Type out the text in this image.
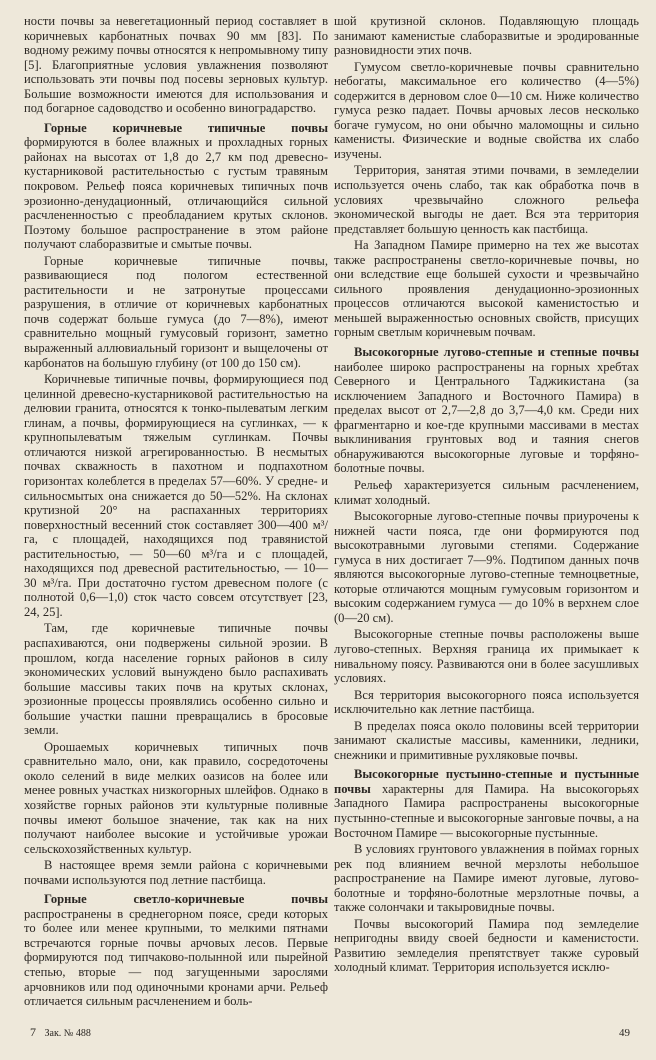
ности почвы за невегетационный период составляет в коричневых карбонатных почвах 90 мм [83]. По водному режиму почвы относятся к непромывному типу [5]. Благоприятные условия увлажнения позволяют использовать эти почвы под посевы зерновых культур. Большие возможности имеются для использования и под богарное садоводство и особенно виноградарство.

Горные коричневые типичные почвы формируются в более влажных и прохладных горных районах на высотах от 1,8 до 2,7 км под древесно-кустарниковой растительностью с густым травяным покровом. Рельеф пояса коричневых типичных почв эрозионно-денудационный, отличающийся сильной расчлененностью с преобладанием крутых склонов. Поэтому большое распространение в этом районе получают слаборазвитые и смытые почвы.

Горные коричневые типичные почвы, развивающиеся под пологом естественной растительности и не затронутые процессами разрушения, в отличие от коричневых карбонатных почв содержат больше гумуса (до 7—8%), имеют сравнительно мощный гумусовый горизонт, заметно выраженный аллювиальный горизонт и выщелочены от карбонатов на большую глубину (от 100 до 150 см).

Коричневые типичные почвы, формирующиеся под целинной древесно-кустарниковой растительностью на делювии гранита, относятся к тонко-пылеватым легким глинам, а почвы, формирующиеся на суглинках, — к крупнопылеватым тяжелым суглинкам. Почвы отличаются низкой агрегированностью. В несмытых почвах скважность в пахотном и подпахотном горизонтах колеблется в пределах 57—60%. У средне- и сильносмытых она снижается до 50—52%. На склонах крутизной 20° на распаханных территориях поверхностный весенний сток составляет 300—400 м³/га, с площадей, находящихся под травянистой растительностью, — 50—60 м³/га и с площадей, находящихся под древесной растительностью, — 10—30 м³/га. При достаточно густом древесном пологе (с полнотой 0,6—1,0) сток часто совсем отсутствует [23, 24, 25].

Там, где коричневые типичные почвы распахиваются, они подвержены сильной эрозии. В прошлом, когда население горных районов в силу экономических условий вынуждено было распахивать большие массивы таких почв на крутых склонах, эрозионные процессы проявлялись особенно сильно и большие участки пашни превращались в бросовые земли.

Орошаемых коричневых типичных почв сравнительно мало, они, как правило, сосредоточены около селений в виде мелких оазисов на более или менее ровных участках низкогорных шлейфов. Однако в хозяйстве горных районов эти культурные поливные почвы имеют большое значение, так как на них получают наиболее высокие и устойчивые урожаи сельскохозяйственных культур.

В настоящее время земли района с коричневыми почвами используются под летние пастбища.

Горные светло-коричневые почвы распространены в среднегорном поясе, среди которых то более или менее крупными, то мелкими пятнами встречаются горные почвы арчовых лесов. Первые формируются под типчаково-полынной или пырейной степью, вторые — под загущенными зарослями арчовников или под одиночными кронами арчи. Рельеф отличается сильным расчленением и боль-

шой крутизной склонов. Подавляющую площадь занимают каменистые слаборазвитые и эродированные разновидности этих почв.

Гумусом светло-коричневые почвы сравнительно небогаты, максимальное его количество (4—5%) содержится в дерновом слое 0—10 см. Ниже количество гумуса резко падает. Почвы арчовых лесов несколько богаче гумусом, но они обычно маломощны и сильно каменисты. Физические и водные свойства их слабо изучены.

Территория, занятая этими почвами, в земледелии используется очень слабо, так как обработка почв в условиях чрезвычайно сложного рельефа экономической выгоды не дает. Вся эта территория представляет большую ценность как пастбища.

На Западном Памире примерно на тех же высотах также распространены светло-коричневые почвы, но они вследствие еще большей сухости и чрезвычайно сильного проявления денудационно-эрозионных процессов отличаются высокой каменистостью и меньшей выраженностью основных свойств, присущих горным светлым коричневым почвам.

Высокогорные лугово-степные и степные почвы наиболее широко распространены на горных хребтах Северного и Центрального Таджикистана (за исключением Западного и Восточного Памира) в пределах высот от 2,7—2,8 до 3,7—4,0 км. Среди них фрагментарно и кое-где крупными массивами в местах выклинивания грунтовых вод и таяния снегов обнаруживаются высокогорные луговые и торфяно-болотные почвы.

Рельеф характеризуется сильным расчленением, климат холодный.

Высокогорные лугово-степные почвы приурочены к нижней части пояса, где они формируются под высокотравными луговыми степями. Содержание гумуса в них достигает 7—9%. Подтипом данных почв являются высокогорные лугово-степные темноцветные, которые отличаются мощным гумусовым горизонтом и высоким содержанием гумуса — до 10% в верхнем слое (0—20 см).

Высокогорные степные почвы расположены выше лугово-степных. Верхняя граница их примыкает к нивальному поясу. Развиваются они в более засушливых условиях.

Вся территория высокогорного пояса используется исключительно как летние пастбища.

В пределах пояса около половины всей территории занимают скалистые массивы, каменники, ледники, снежники и примитивные рухляковые почвы.

Высокогорные пустынно-степные и пустынные почвы характерны для Памира. На высокогорьях Западного Памира распространены высокогорные пустынно-степные и высокогорные занговые почвы, а на Восточном Памире — высокогорные пустынные.

В условиях грунтового увлажнения в поймах горных рек под влиянием вечной мерзлоты небольшое распространение на Памире имеют луговые, лугово-болотные и торфяно-болотные мерзлотные почвы, а также солончаки и такыровидные почвы.

Почвы высокогорий Памира под земледелие непригодны ввиду своей бедности и каменистости. Развитию земледелия препятствует также суровый холодный климат. Территория используется исклю-

7 Зак. № 488	49
